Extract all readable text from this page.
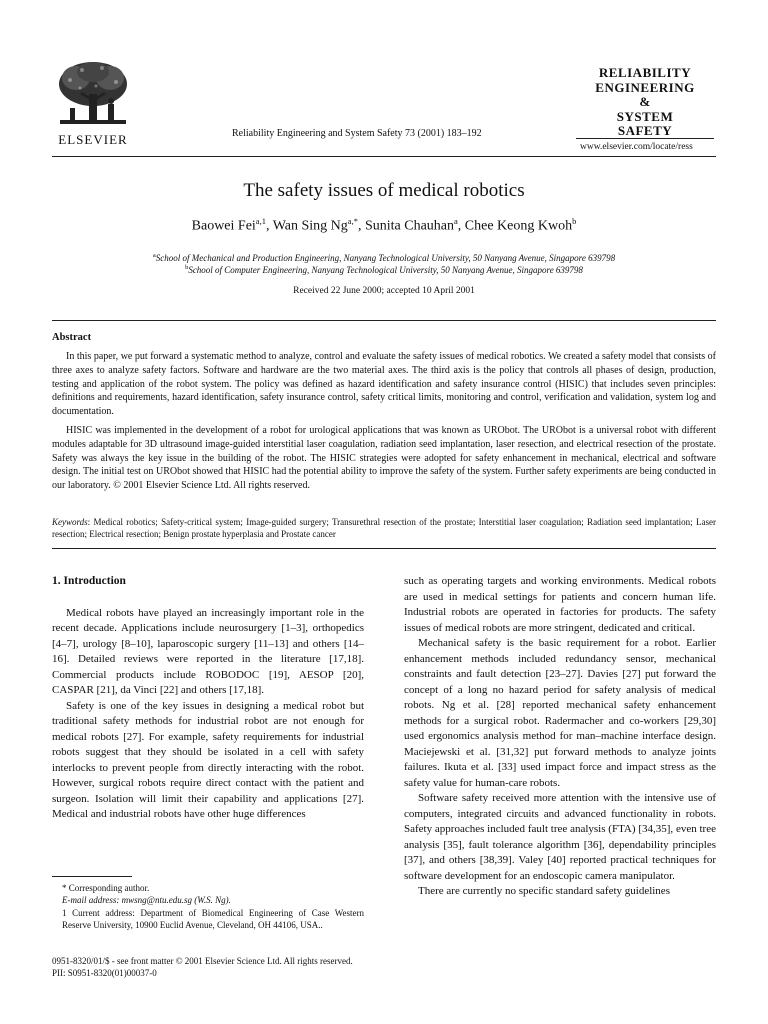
ELSEVIER	Reliability Engineering and System Safety 73 (2001) 183–192
RELIABILITY
ENGINEERING
&
SYSTEM
SAFETY
www.elsevier.com/locate/ress
The safety issues of medical robotics
Baowei Fei$^{a,1}$, Wan Sing $Ng^{a,*}$, Sunita Chauhan$^a$, Chee Keong Kwoh$^b$
$^a$School of Mechanical and Production Engineering, Nanyang Technological University, 50 Nanyang Avenue, Singapore 639798
$^b$School of Computer Engineering, Nanyang Technological University, 50 Nanyang Avenue, Singapore 639798
Received 22 June 2000; accepted 10 April 2001
Abstract
In this paper, we put forward a systematic method to analyze, control and evaluate the safety issues of medical robotics. We created a safety model that consists of three axes to analyze safety factors. Software and hardware are the two material axes. The third axis is the policy that controls all phases of design, production, testing and application of the robot system. The policy was defined as hazard identification and safety insurance control (HISIC) that includes seven principles: definitions and requirements, hazard identification, safety insurance control, safety critical limits, monitoring and control, verification and validation, system log and documentation.
HISIC was implemented in the development of a robot for urological applications that was known as URObot. The URObot is a universal robot with different modules adaptable for 3D ultrasound image-guided interstitial laser coagulation, radiation seed implantation, laser resection, and electrical resection of the prostate. Safety was always the key issue in the building of the robot. The HISIC strategies were adopted for safety enhancement in mechanical, electrical and software design. The initial test on URObot showed that HISIC had the potential ability to improve the safety of the system. Further safety experiments are being conducted in our laboratory. © 2001 Elsevier Science Ltd. All rights reserved.
Keywords: Medical robotics; Safety-critical system; Image-guided surgery; Transurethral resection of the prostate; Interstitial laser coagulation; Radiation seed implantation; Laser resection; Electrical resection; Benign prostate hyperplasia and Prostate cancer
1. Introduction

Medical robots have played an increasingly important role in the recent decade. Applications include neurosurgery [1–3], orthopedics [4–7], urology [8–10], laparoscopic surgery [11–13] and others [14–16]. Detailed reviews were reported in the literature [17,18]. Commercial products include ROBODOC [19], AESOP [20], CASPAR [21], da Vinci [22] and others [17,18].

Safety is one of the key issues in designing a medical robot but traditional safety methods for industrial robot are not enough for medical robots [27]. For example, safety requirements for industrial robots suggest that they should be isolated in a cell with safety interlocks to prevent people from directly interacting with the robot. However, surgical robots require direct contact with the patient and surgeon. Isolation will limit their capability and applications [27]. Medical and industrial robots have other huge differences

such as operating targets and working environments. Medical robots are used in medical settings for patients and concern human life. Industrial robots are operated in factories for products. The safety issues of medical robots are more stringent, dedicated and critical.

Mechanical safety is the basic requirement for a robot. Earlier enhancement methods included redundancy sensor, mechanical constraints and fault detection [23–27]. Davies [27] put forward the concept of a long no hazard period for safety analysis of medical robots. Ng et al. [28] reported mechanical safety enhancement methods for a surgical robot. Radermacher and co-workers [29,30] used ergonomics analysis method for man–machine interface design. Maciejewski et al. [31,32] put forward methods to analyze joints failures. Ikuta et al. [33] used impact force and impact stress as the safety value for human-care robots.

Software safety received more attention with the intensive use of computers, integrated circuits and advanced functionality in robots. Safety approaches included fault tree analysis (FTA) [34,35], even tree analysis [35], fault tolerance algorithm [36], dependability principles [37], and others [38,39]. Valey [40] reported practical techniques for software development for an endoscopic camera manipulator.

There are currently no specific standard safety guidelines

* Corresponding author.

E-mail address: mwsng@ntu.edu.sg (W.S. Ng).

1 Current address: Department of Biomedical Engineering of Case Western Reserve University, 10900 Euclid Avenue, Cleveland, OH 44106, USA..

0951-8320/01/$ - see front matter © 2001 Elsevier Science Ltd. All rights reserved.
PII: S0951-8320(01)00037-0
